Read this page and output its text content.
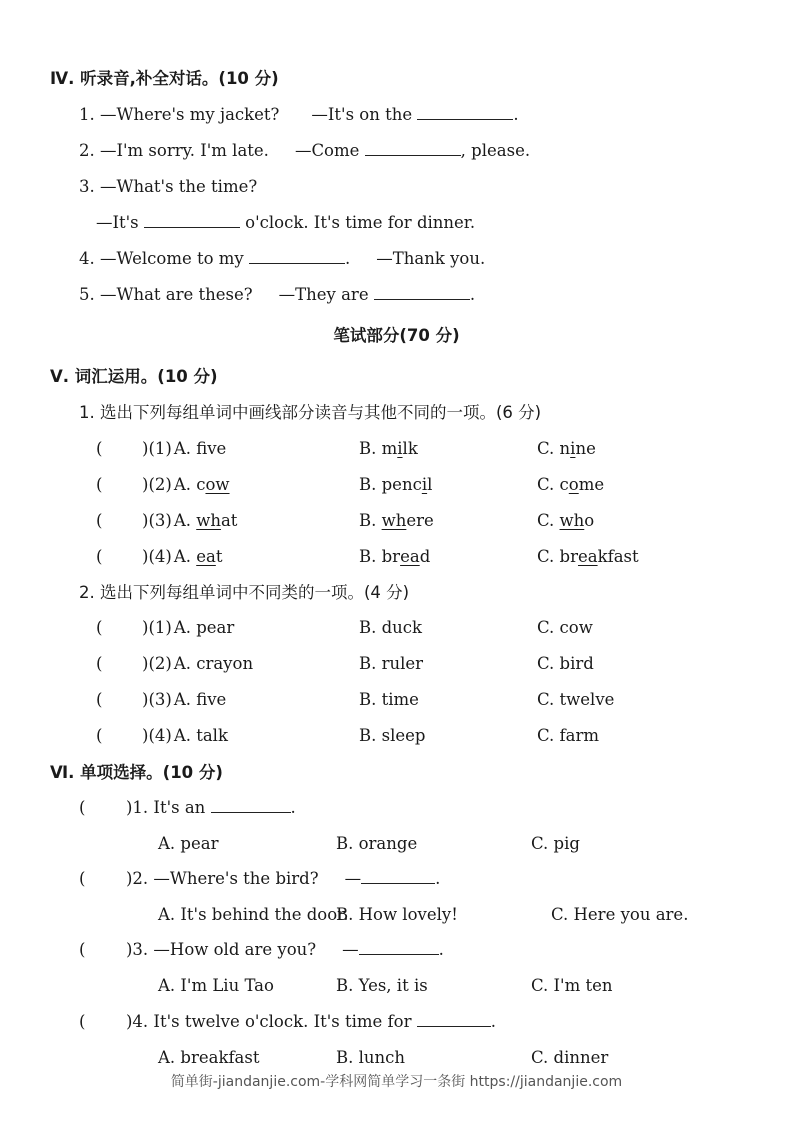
Ⅳ. 听录音,补全对话。(10 分)
1. —Where's my jacket? —It's on the	.
2. —I'm sorry. I'm late. —Come	, please.
3. —What's the time?
—It's	o'clock. It's time for dinner.
4. —Welcome to my	. —Thank you.
5. —What are these? —They are	.
笔试部分(70 分)
Ⅴ. 词汇运用。(10 分)
1. 选出下列每组单词中画线部分读音与其他不同的一项。(6 分)
( )(1) A. fve	B. milk	C. nine
( )(2) A. cow	B. pencil	C. come
( )(3) A. what	B. where	C. who
( )(4) A. eat	B. bread	C. breakfast
2. 选出下列每组单词中不同类的一项。(4 分)
( )(1) A. pear	B. duck	C. cow
( )(2) A. crayon	B. ruler	C. bird
( )(3) A. five	B. time	C. twelve
( )(4) A. talk	B. sleep	C. farm
Ⅵ. 单项选择。(10 分)
( )1. It's an	.
A. pear	B. orange	C. pig
( )2. —Where's the bird? —	.
A. It's behind the door.
B. How lovely!	C. Here you are.
( )3. —How old are you? —	.
A. I'm Liu Tao	B. Yes, it is	C. I'm ten
( )4. It's twelve o'clock. It's time for	.
A. breakfast	B. lunch	C. dinner
简单街-jiandanjie.com-学科网简单学习一条街 https://jiandanjie.com
